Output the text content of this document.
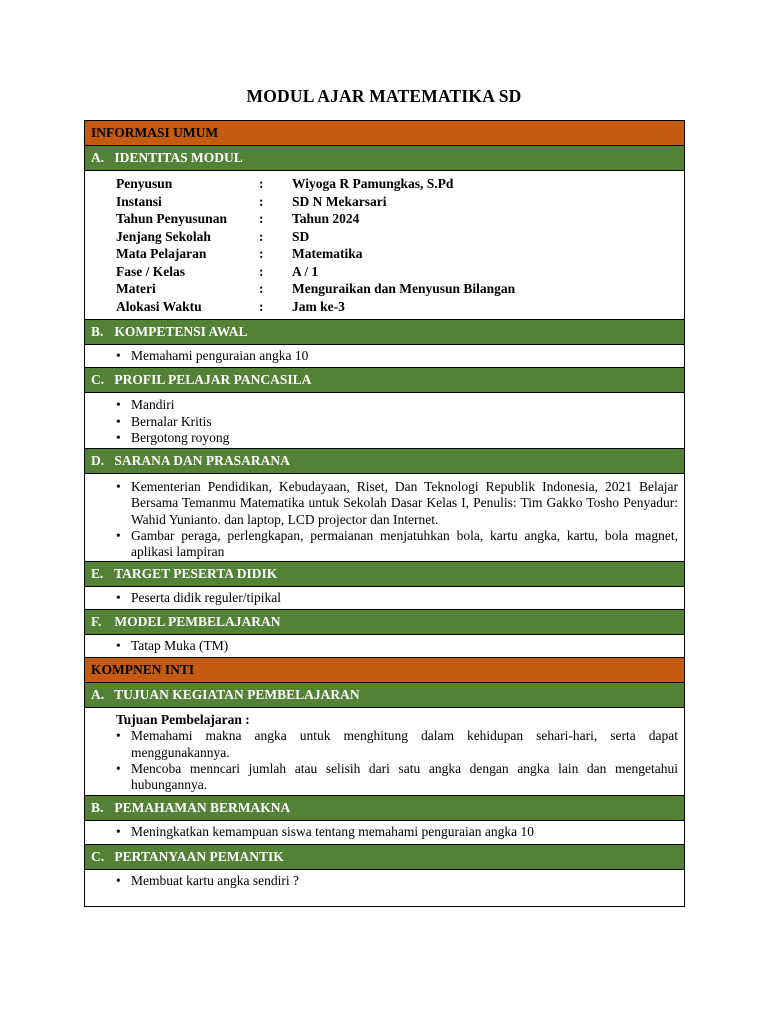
MODUL AJAR MATEMATIKA SD
INFORMASI UMUM
A. IDENTITAS MODUL
Penyusun	:	Wiyoga R Pamungkas, S.Pd
Instansi	:	SD N Mekarsari
Tahun Penyusunan	:	Tahun 2024
Jenjang Sekolah	:	SD
Mata Pelajaran	:	Matematika
Fase / Kelas	:	A / 1
Materi	:	Menguraikan dan Menyusun Bilangan
Alokasi Waktu	:	Jam ke-3
B. KOMPETENSI AWAL
• Memahami penguraian angka 10
C. PROFIL PELAJAR PANCASILA
• Mandiri
• Bernalar Kritis
• Bergotong royong
D. SARANA DAN PRASARANA
• Kementerian Pendidikan, Kebudayaan, Riset, Dan Teknologi Republik Indonesia, 2021 Belajar Bersama Temanmu Matematika untuk Sekolah Dasar Kelas I, Penulis: Tim Gakko Tosho Penyadur: Wahid Yunianto. dan laptop, LCD projector dan Internet.
• Gambar peraga, perlengkapan, permaianan menjatuhkan bola, kartu angka, kartu, bola magnet, aplikasi lampiran
E. TARGET PESERTA DIDIK
• Peserta didik reguler/tipikal
F. MODEL PEMBELAJARAN
• Tatap Muka (TM)
KOMPNEN INTI
A. TUJUAN KEGIATAN PEMBELAJARAN
Tujuan Pembelajaran :
• Memahami makna angka untuk menghitung dalam kehidupan sehari-hari, serta dapat menggunakannya.
• Mencoba menncari jumlah atau selisih dari satu angka dengan angka lain dan mengetahui hubungannya.
B. PEMAHAMAN BERMAKNA
• Meningkatkan kemampuan siswa tentang memahami penguraian angka 10
C. PERTANYAAN PEMANTIK
• Membuat kartu angka sendiri ?
